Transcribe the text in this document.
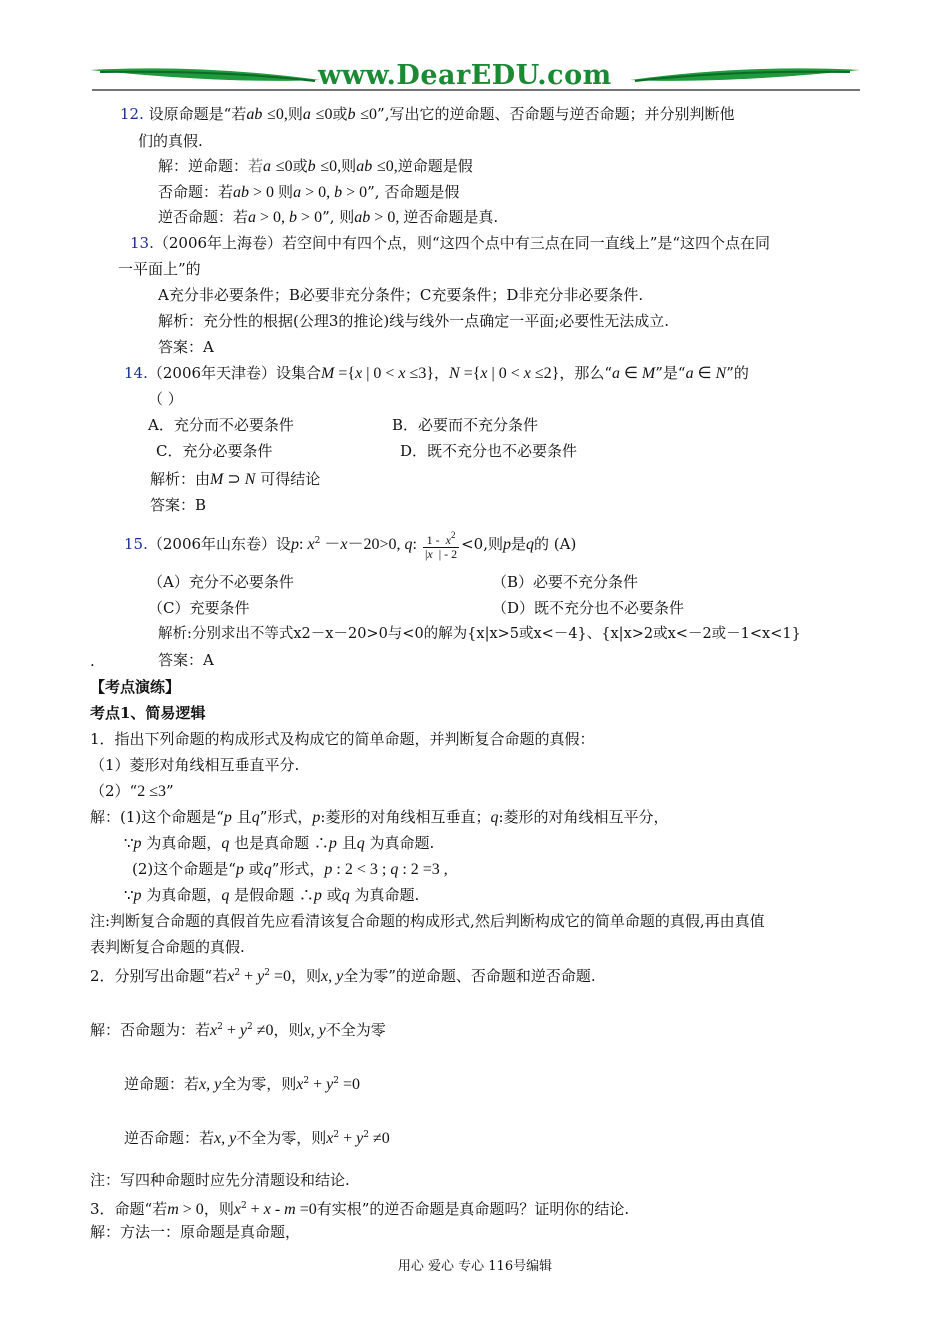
www.DearEDU.com
12. 设原命题是“若ab ≤0,则a ≤0或b ≤0”,写出它的逆命题、否命题与逆否命题；并分别判断他
们的真假.
解：逆命题：若a ≤0或b ≤0,则ab ≤0,逆命题是假
否命题：若ab > 0 则a > 0, b > 0”, 否命题是假
逆否命题：若a > 0, b > 0”, 则ab > 0, 逆否命题是真.
13.（2006年上海卷）若空间中有四个点，则“这四个点中有三点在同一直线上”是“这四个点在同
一平面上”的
A充分非必要条件；B必要非充分条件；C充要条件；D非充分非必要条件.
解析：充分性的根据(公理3的推论)线与线外一点确定一平面;必要性无法成立.
答案：A
14.（2006年天津卷）设集合M ={x | 0 < x ≤3}，N ={x | 0 < x ≤2}，那么“a ∈ M”是“a ∈ N”的
（ ）
A．充分而不必要条件	B．必要而不充分条件
C．充分必要条件	D．既不充分也不必要条件
解析：由M ⊃ N 可得结论
答案：B
15.（2006年山东卷）设p: $x^2 -x-20>0$, q: $\frac{1 - x^2}{|x | - 2} <0$,则p是q的 (A)
（A）充分不必要条件	（B）必要不充分条件
（C）充要条件	（D）既不充分也不必要条件
解析:分别求出不等式x2－x－20>0与<0的解为{x|x>5或x<－4}、{x|x>2或x<－2或－1<x<1}
.	答案：A
【考点演练】
考点1、简易逻辑
1．指出下列命题的构成形式及构成它的简单命题，并判断复合命题的真假：
（1）菱形对角线相互垂直平分.
（2）“2 ≤3”
解：(1)这个命题是“p 且q”形式，p:菱形的对角线相互垂直；q:菱形的对角线相互平分，
∵p 为真命题，q 也是真命题 ∴p 且q 为真命题.
(2)这个命题是“p 或q”形式，p : 2 < 3 ; q : 2 =3 ,
∵p 为真命题，q 是假命题 ∴p 或q 为真命题.
注:判断复合命题的真假首先应看清该复合命题的构成形式,然后判断构成它的简单命题的真假,再由真值
表判断复合命题的真假.
2．分别写出命题“若$x^2 + y^2 =0$，则x, y全为零”的逆命题、否命题和逆否命题.
解：否命题为：若$x^2 + y^2 \ne 0$，则x, y不全为零
逆命题：若x, y全为零，则$x^2 + y^2 =0$
逆否命题：若x, y不全为零，则$x^2 + y^2 \ne 0$
注：写四种命题时应先分清题设和结论.
3．命题“若m > 0，则$x^2 + x - m =0$有实根”的逆否命题是真命题吗？证明你的结论.
解：方法一：原命题是真命题，
用心 爱心 专心 116号编辑
